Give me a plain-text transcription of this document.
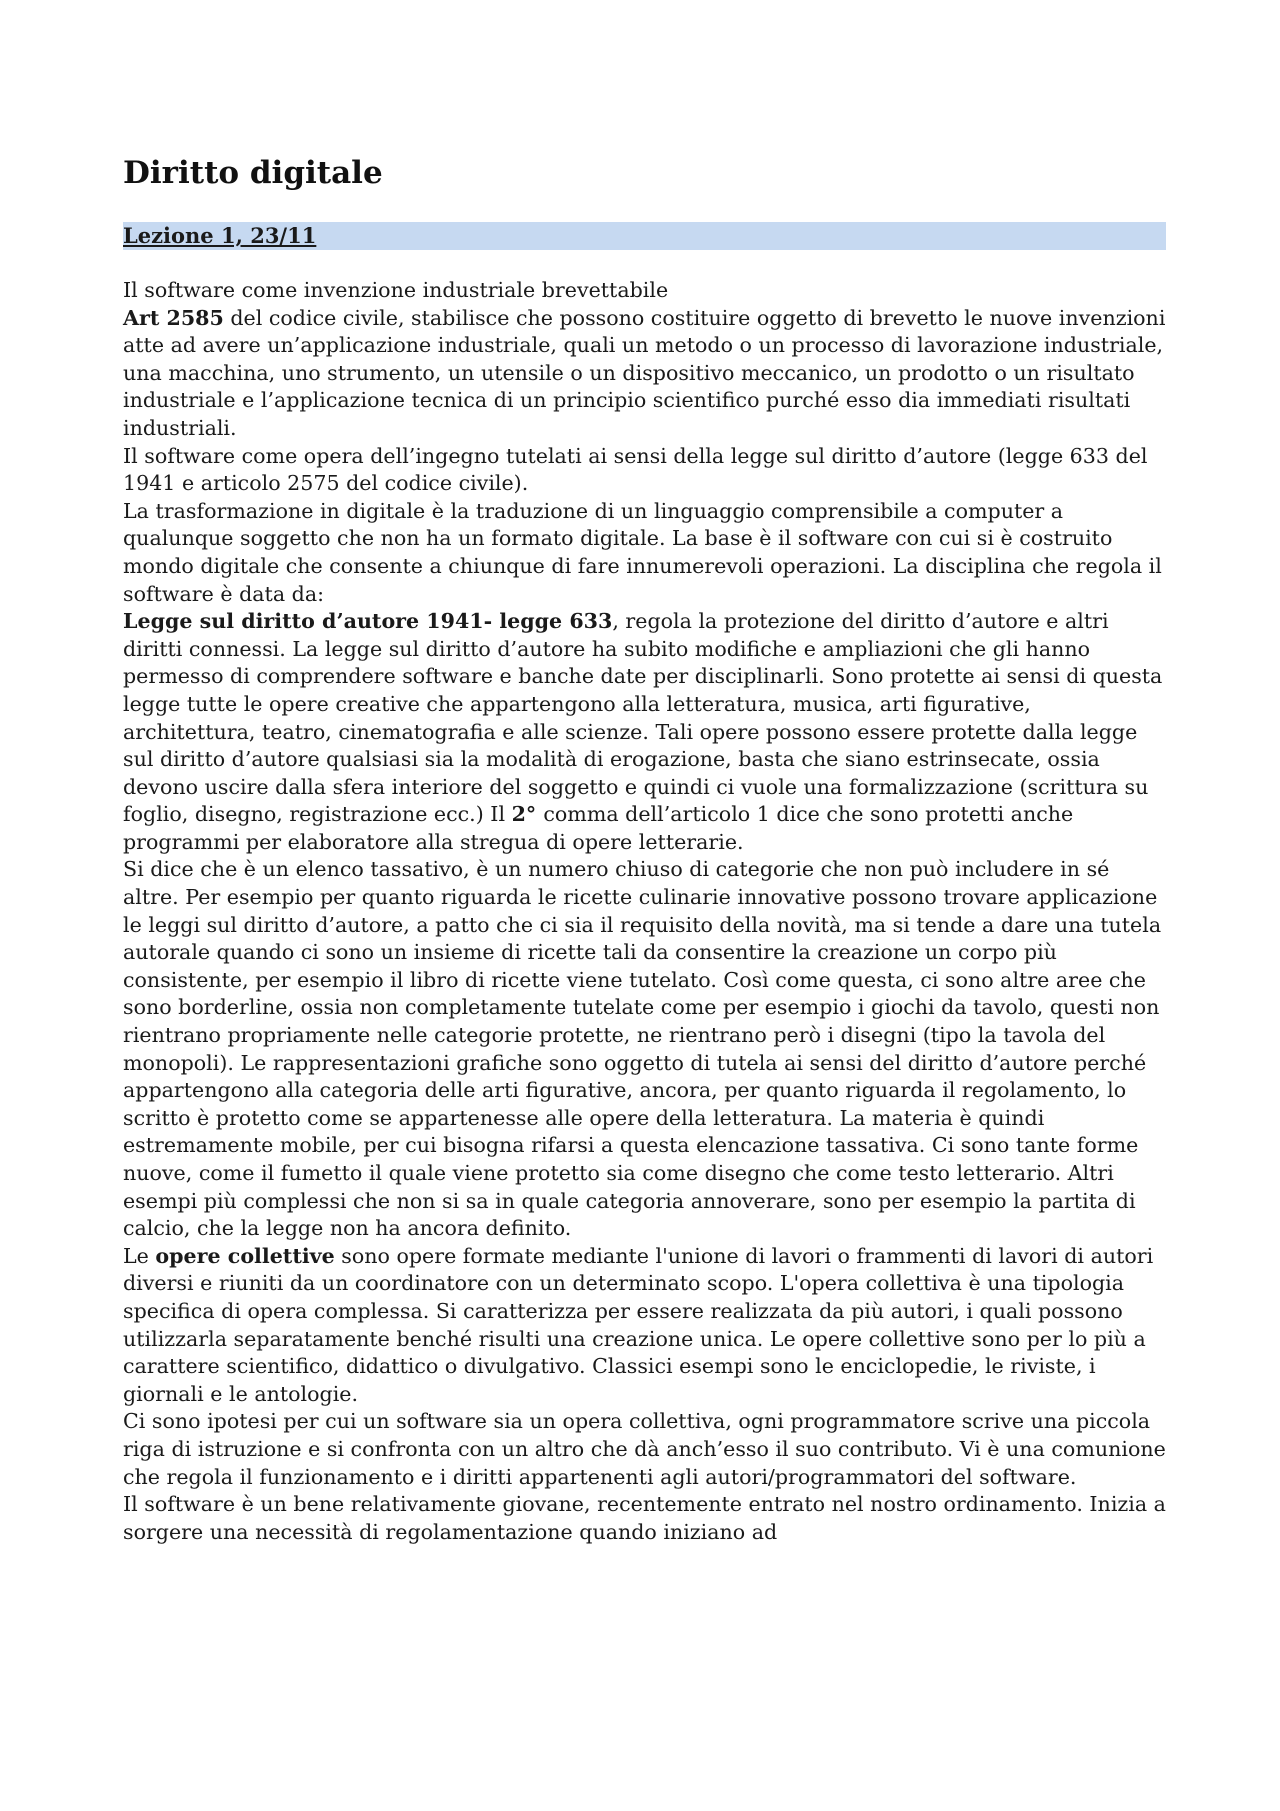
Diritto digitale
Lezione 1, 23/11

Il software come invenzione industriale brevettabile

Art 2585 del codice civile, stabilisce che possono costituire oggetto di brevetto le nuove invenzioni atte ad avere un’applicazione industriale, quali un metodo o un processo di lavorazione industriale, una macchina, uno strumento, un utensile o un dispositivo meccanico, un prodotto o un risultato industriale e l’applicazione tecnica di un principio scientifico purché esso dia immediati risultati industriali.

Il software come opera dell’ingegno tutelati ai sensi della legge sul diritto d’autore (legge 633 del 1941 e articolo 2575 del codice civile).

La trasformazione in digitale è la traduzione di un linguaggio comprensibile a computer a qualunque soggetto che non ha un formato digitale. La base è il software con cui si è costruito mondo digitale che consente a chiunque di fare innumerevoli operazioni. La disciplina che regola il software è data da:

Legge sul diritto d’autore 1941- legge 633, regola la protezione del diritto d’autore e altri diritti connessi. La legge sul diritto d’autore ha subito modifiche e ampliazioni che gli hanno permesso di comprendere software e banche date per disciplinarli. Sono protette ai sensi di questa legge tutte le opere creative che appartengono alla letteratura, musica, arti figurative, architettura, teatro, cinematografia e alle scienze. Tali opere possono essere protette dalla legge sul diritto d’autore qualsiasi sia la modalità di erogazione, basta che siano estrinsecate, ossia devono uscire dalla sfera interiore del soggetto e quindi ci vuole una formalizzazione (scrittura su foglio, disegno, registrazione ecc.) Il 2° comma dell’articolo 1 dice che sono protetti anche programmi per elaboratore alla stregua di opere letterarie.

Si dice che è un elenco tassativo, è un numero chiuso di categorie che non può includere in sé altre. Per esempio per quanto riguarda le ricette culinarie innovative possono trovare applicazione le leggi sul diritto d’autore, a patto che ci sia il requisito della novità, ma si tende a dare una tutela autorale quando ci sono un insieme di ricette tali da consentire la creazione un corpo più consistente, per esempio il libro di ricette viene tutelato. Così come questa, ci sono altre aree che sono borderline, ossia non completamente tutelate come per esempio i giochi da tavolo, questi non rientrano propriamente nelle categorie protette, ne rientrano però i disegni (tipo la tavola del monopoli). Le rappresentazioni grafiche sono oggetto di tutela ai sensi del diritto d’autore perché appartengono alla categoria delle arti figurative, ancora, per quanto riguarda il regolamento, lo scritto è protetto come se appartenesse alle opere della letteratura. La materia è quindi estremamente mobile, per cui bisogna rifarsi a questa elencazione tassativa. Ci sono tante forme nuove, come il fumetto il quale viene protetto sia come disegno che come testo letterario. Altri esempi più complessi che non si sa in quale categoria annoverare, sono per esempio la partita di calcio, che la legge non ha ancora definito.

Le opere collettive sono opere formate mediante l'unione di lavori o frammenti di lavori di autori diversi e riuniti da un coordinatore con un determinato scopo. L'opera collettiva è una tipologia specifica di opera complessa. Si caratterizza per essere realizzata da più autori, i quali possono utilizzarla separatamente benché risulti una creazione unica. Le opere collettive sono per lo più a carattere scientifico, didattico o divulgativo. Classici esempi sono le enciclopedie, le riviste, i giornali e le antologie.

Ci sono ipotesi per cui un software sia un opera collettiva, ogni programmatore scrive una piccola riga di istruzione e si confronta con un altro che dà anch’esso il suo contributo. Vi è una comunione che regola il funzionamento e i diritti appartenenti agli autori/programmatori del software.

Il software è un bene relativamente giovane, recentemente entrato nel nostro ordinamento. Inizia a sorgere una necessità di regolamentazione quando iniziano ad
